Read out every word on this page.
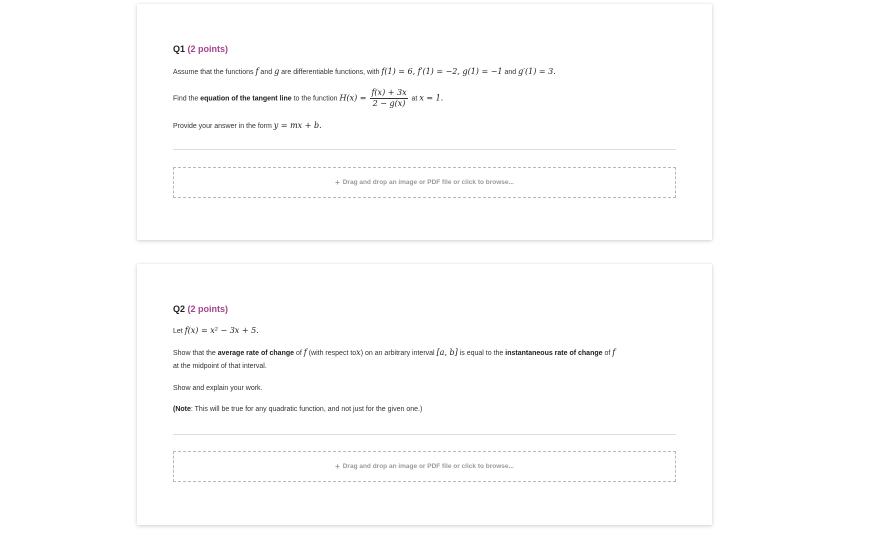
Q1 (2 points)
Assume that the functions f and g are differentiable functions, with f(1) = 6, f′(1) = −2, g(1) = −1 and g′(1) = 3.
Find the equation of the tangent line to the function $H(x) = \frac{f(x) + 3x}{2 - g(x)}$ at x = 1.
Provide your answer in the form y = mx + b.
+ Drag and drop an image or PDF file or click to browse...
Q2 (2 points)
Let f(x) = x² − 3x + 5.
Show that the average rate of change of f (with respect tox) on an arbitrary interval [a, b] is equal to the instantaneous rate of change of f
at the midpoint of that interval.
Show and explain your work.
(Note: This will be true for any quadratic function, and not just for the given one.)
+ Drag and drop an image or PDF file or click to browse...
